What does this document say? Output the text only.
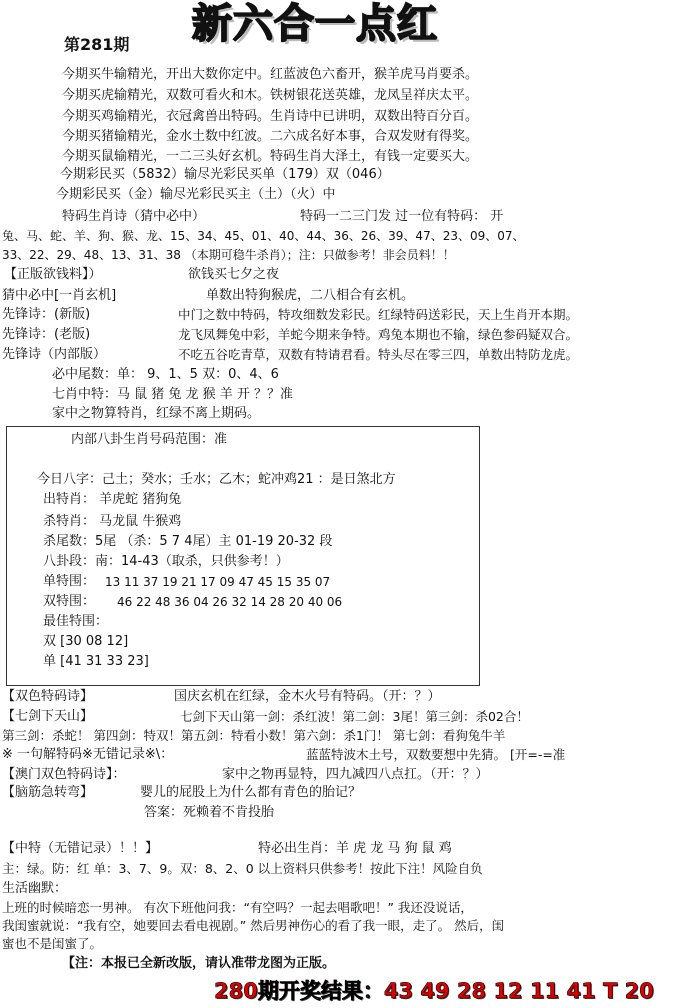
第281期 新六合一点红
今期买牛输精光，开出大数你定中。红蓝波色六畜开，猴羊虎马肖要杀。
今期买虎输精光，双数可看火和木。铁树银花送英雄，龙凤呈祥庆太平。
今期买鸡输精光，衣冠禽兽出特码。生肖诗中已讲明，双数出特百分百。
今期买猪输精光，金水土数中红波。二六成名好本事，合双发财有得奖。
今期买鼠输精光，一二三头好玄机。特码生肖大泽土，有钱一定要买大。
今期彩民买（5832）输尽光彩民买单（179）双（046）
今期彩民买（金）输尽光彩民买主（土）（火）中
特码生肖诗（猜中必中）	特码一二三门发 过一位有特码： 开
兔、马、蛇、羊、狗、猴、龙、15、34、45、01、40、44、36、26、39、47、23、09、07、
33、22、29、48、13、31、38 （本期可稳牛杀肖）；注：只做参考！非会员料！！
【正版欲钱料】）	欲钱买七夕之夜
猜中必中[一肖玄机]	单数出特狗猴虎，二八相合有玄机。
先锋诗：(新版)	中门之数中特码，特攻细数发彩民。红绿特码送彩民，天上生肖开本期。
先锋诗：(老版)	龙飞凤舞兔中彩，羊蛇今期来争特。鸡兔本期也不输，绿色参码疑双合。
先锋诗（内部版）	不吃五谷吃青草，双数有特请君看。特头尽在零三四，单数出特防龙虎。
必中尾数：单： 9、1、5 双：0、4、6
七肖中特：马 鼠 猪 兔 龙 猴 羊 开 ？？准
家中之物算特肖，红绿不离上期码。
内部八卦生肖号码范围：准
今日八字：己土；癸水；壬水；乙木；蛇冲鸡21 ：是日煞北方
出特肖： 羊虎蛇 猪狗兔
杀特肖： 马龙鼠 牛猴鸡
杀尾数：5尾 （杀：5 7 4尾）主 01-19 20-32 段
八卦段：南：14-43（取杀，只供参考！）
单特围： 13 11 37 19 21 17 09 47 45 15 35 07
双特围： 46 22 48 36 04 26 32 14 28 20 40 06
最佳特围：
双 [30 08 12]
单 [41 31 33 23]
【双色特码诗】	国庆玄机在红绿，金木火号有特码。（开：？）
【七剑下天山】	七剑下天山第一剑：杀红波！第二剑：3尾！第三剑：杀02合！
第三剑：杀蛇！ 第四剑：特双！第五剑：特看小数！第六剑：杀1门！ 第七剑：看狗兔牛羊
※ 一句解特码※无错记录※\：	蓝蓝特波木土号，双数要想中先猜。 [开=-=准
【澳门双色特码诗】：	家中之物再显特，四九减四八点扛。（开：？）
【脑筋急转弯】	婴儿的屁股上为什么都有青色的胎记？
答案：死赖着不肯投胎
【中特（无错记录）！！】	特必出生肖：羊 虎 龙 马 狗 鼠 鸡
主：绿。防：红 单：3、7、9。双：8、2、0 以上资料只供参考！按此下注！风险自负
生活幽默：
上班的时候暗恋一男神。 有次下班他问我：“有空吗？一起去唱歌吧！” 我还没说话，
我闺蜜就说：“我有空，她要回去看电视剧。” 然后男神伤心的看了我一眼，走了。 然后，闺
蜜也不是闺蜜了。
【注：本报已全新改版，请认准带龙图为正版。
280期开奖结果：43 49 28 12 11 41 T 20
